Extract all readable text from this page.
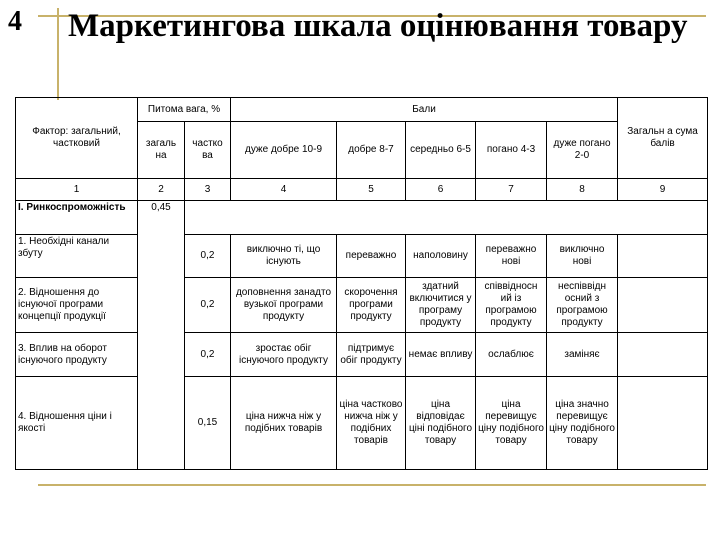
4 Маркетингова шкала оцінювання товару
Фактор: загальний, частковий	Питома вага, %		Бали					Загальн а сума балів
	загаль на	частко ва	дуже добре 10-9	добре 8-7	середньо 6-5	погано 4-3	дуже погано 2-0	
1	2	3	4	5	6	7	8	9
І. Ринкоспроможність	0,45							
1. Необхідні канали збуту		0,2	виключно ті, що існують	переважно	наполовину	переважно нові	виключно нові	
2. Відношення до існуючої програми концепції продукції		0,2	доповнення занадто вузької програми продукту	скорочення програми продукту	здатний включитися у програму продукту	співвідносн ий із програмою продукту	неспіввідн осний з програмою продукту	
3. Вплив на оборот існуючого продукту		0,2	зростає обіг існуючого продукту	підтримує обіг продукту	немає впливу	ослаблює	заміняє	
4. Відношення ціни і якості		0,15	ціна нижча ніж у подібних товарів	ціна частково нижча ніж у подібних товарів	ціна відповідає ціні подібного товару	ціна перевищує ціну подібного товару	ціна значно перевищує ціну подібного товару	
